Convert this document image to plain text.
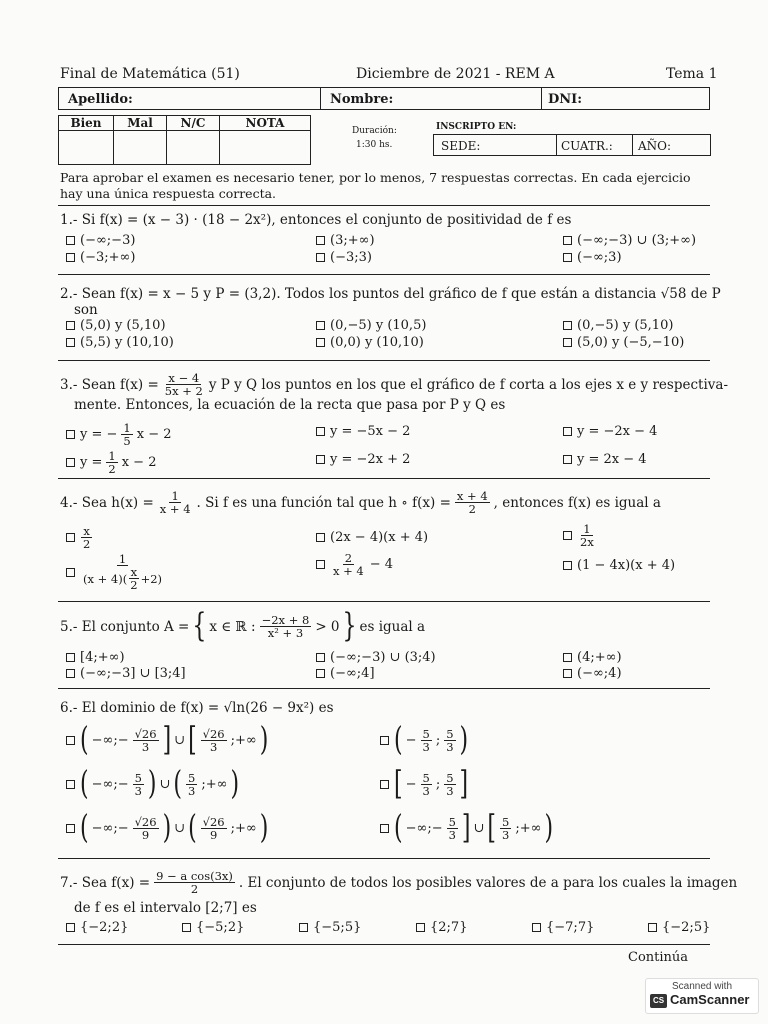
Final de Matemática (51)	Diciembre de 2021 - REM A	Tema 1
Apellido:	Nombre:	DNI:
Bien	Mal	N/C	NOTA
Duración:
1:30 hs.
INSCRIPTO EN:
SEDE:	CUATR.: AÑO:
Para aprobar el examen es necesario tener, por lo menos, 7 respuestas correctas. En cada ejercicio hay una única respuesta correcta.
1.- Si f(x) = (x − 3) · (18 − 2x²), entonces el conjunto de positividad de f es
(−∞;−3)	(3;+∞)	(−∞;−3) ∪ (3;+∞)
(−3;+∞)	(−3;3)	(−∞;3)
2.- Sean f(x) = x − 5 y P = (3,2). Todos los puntos del gráfico de f que están a distancia √58 de P
son
(5,0) y (5,10)	(0,−5) y (10,5)	(0,−5) y (5,10)
(5,5) y (10,10)	(0,0) y (10,10)	(5,0) y (−5,−10)
3.- Sean $f(x) = \frac{x - 4}{5x + 2}$ y P y Q los puntos en los que el gráfico de f corta a los ejes x e y respectiva-
mente. Entonces, la ecuación de la recta que pasa por P y Q es
y = − $\frac{1}{5}$ x − 2	y = −5x − 2	y = −2x − 4
$y = \frac{1}{2}$ x − 2	y = −2x + 2	y = 2x − 4
4.- Sea $h(x) = \frac{1}{x + 4}$ . Si f es una función tal que h ∘ $f(x) = \frac{x + 4}{2}$ , entonces f(x) es igual a
$\frac{x}{2}$	(2x − 4)(x + 4)	$\frac{1}{2x}$
$\frac{1}{(x + 4) ( \frac{x}{2} +2 )}$	$\frac{2}{x + 4} - 4$	(1 − 4x)(x + 4)
5.- El conjunto A = { x ∈ ℝ : $\frac{-2x + 8}{\text{x² + 3}} > 0$ } es igual a
[4;+∞)	(−∞;−3) ∪ (3;4)	(4;+∞)
(−∞;−3] ∪ [3;4]	(−∞;4]	(−∞;4)
6.- El dominio de f(x) = √ln(26 − 9x²) es
( −∞;− $\frac{√26}{3}$ ] ∪ [ $\frac{√26}{3}$ ;+∞ )	( − $\frac{5}{3}$ ; $\frac{5}{3}$ )
( −∞;− $\frac{5}{3}$ ) ∪ ( $\frac{5}{3}$ ;+∞ )	[ − $\frac{5}{3}$ ; $\frac{5}{3}$ ]
( −∞;− $\frac{√26}{9}$ ) ∪ ( $\frac{√26}{9}$ ;+∞ )	( −∞;− $\frac{5}{3}$ ] ∪ [ $\frac{5}{3}$ ;+∞ )
7.- Sea $f(x) = \frac{\text{9 − a cos(3x)}}{2}$ . El conjunto de todos los posibles valores de a para los cuales la imagen
de f es el intervalo [2;7] es
{−2;2}	{−5;2}	{−5;5}	{2;7}	{−7;7}	{−2;5}
Continúa
Scanned with
CS CamScanner
